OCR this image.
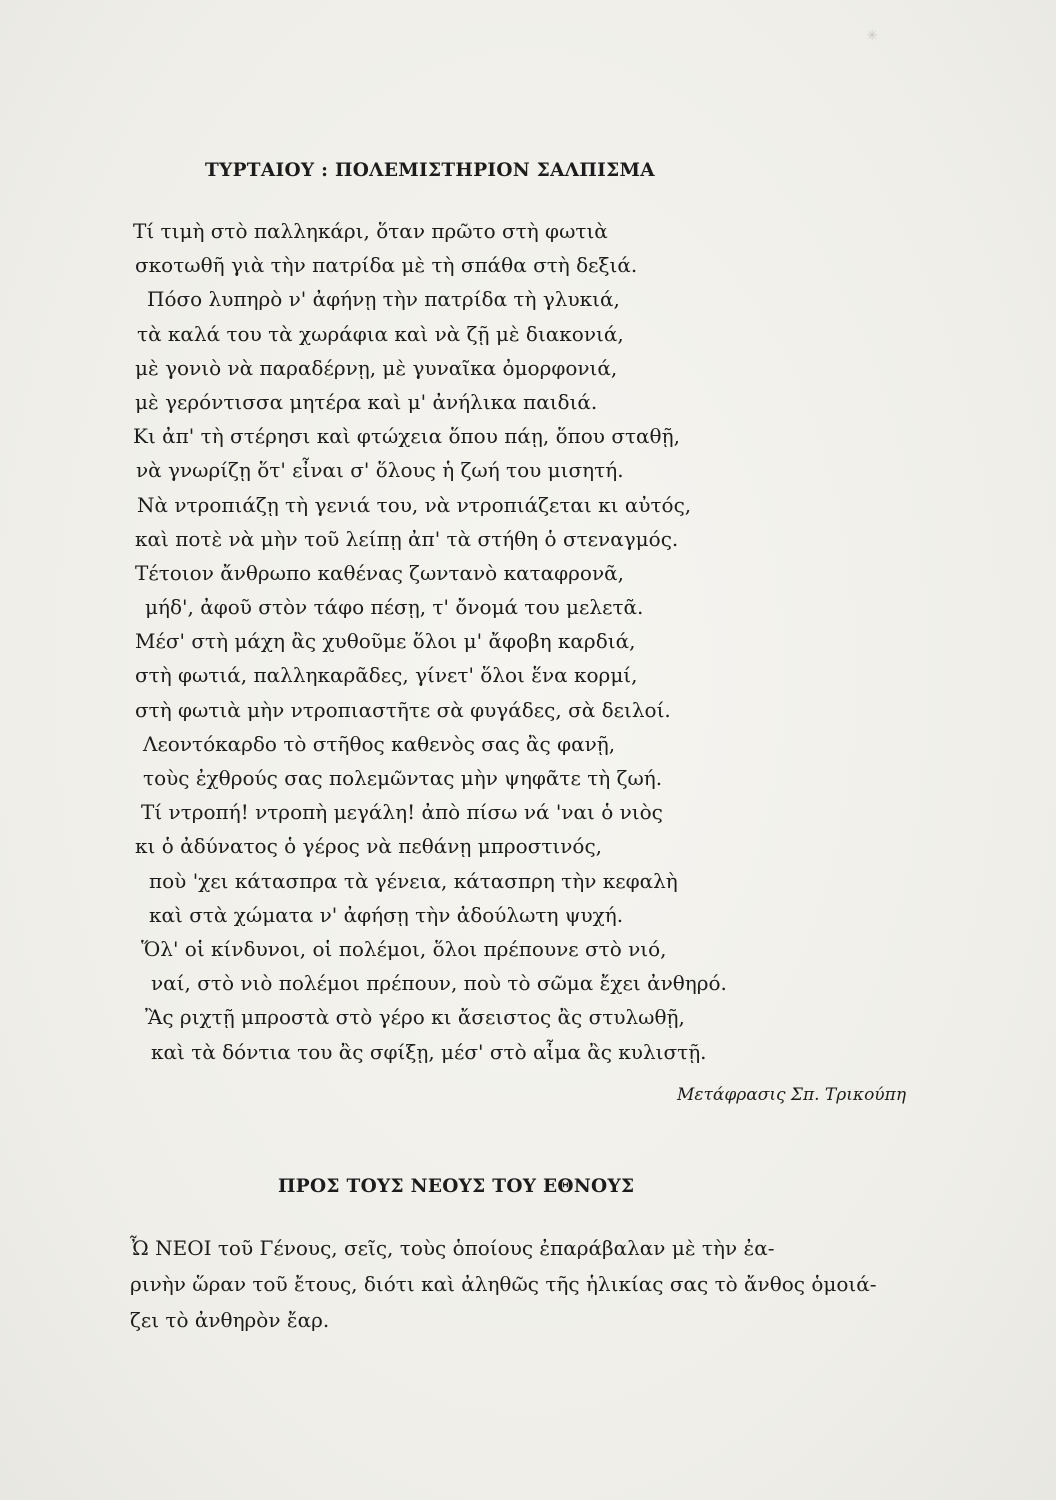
✳
ΤΥΡΤΑΙΟΥ : ΠΟΛΕΜΙΣΤΗΡΙΟΝ ΣΑΛΠΙΣΜΑ
Τί τιμὴ στὸ παλληκάρι, ὅταν πρῶτο στὴ φωτιὰ
σκοτωθῆ γιὰ τὴν πατρίδα μὲ τὴ σπάθα στὴ δεξιά.
Πόσο λυπηρὸ ν' ἀφήνῃ τὴν πατρίδα τὴ γλυκιά,
τὰ καλά του τὰ χωράφια καὶ νὰ ζῇ μὲ διακονιά,
μὲ γονιὸ νὰ παραδέρνῃ, μὲ γυναῖκα ὀμορφονιά,
μὲ γερόντισσα μητέρα καὶ μ' ἀνήλικα παιδιά.
Κι ἀπ' τὴ στέρησι καὶ φτώχεια ὅπου πάῃ, ὅπου σταθῇ,
νὰ γνωρίζῃ ὅτ' εἶναι σ' ὅλους ἡ ζωή του μισητή.
Νὰ ντροπιάζῃ τὴ γενιά του, νὰ ντροπιάζεται κι αὐτός,
καὶ ποτὲ νὰ μὴν τοῦ λείπῃ ἀπ' τὰ στήθη ὁ στεναγμός.
Τέτοιον ἄνθρωπο καθένας ζωντανὸ καταφρονᾶ,
μήδ', ἀφοῦ στὸν τάφο πέσῃ, τ' ὄνομά του μελετᾶ.
Μέσ' στὴ μάχη ἂς χυθοῦμε ὅλοι μ' ἄφοβη καρδιά,
στὴ φωτιά, παλληκαρᾶδες, γίνετ' ὅλοι ἕνα κορμί,
στὴ φωτιὰ μὴν ντροπιαστῆτε σὰ φυγάδες, σὰ δειλοί.
Λεοντόκαρδο τὸ στῆθος καθενὸς σας ἂς φανῇ,
τοὺς ἐχθρούς σας πολεμῶντας μὴν ψηφᾶτε τὴ ζωή.
Τί ντροπή! ντροπὴ μεγάλη! ἀπὸ πίσω νά 'ναι ὁ νιὸς
κι ὁ ἀδύνατος ὁ γέρος νὰ πεθάνῃ μπροστινός,
ποὺ 'χει κάτασπρα τὰ γένεια, κάτασπρη τὴν κεφαλὴ
καὶ στὰ χώματα ν' ἀφήσῃ τὴν ἀδούλωτη ψυχή.
Ὅλ' οἱ κίνδυνοι, οἱ πολέμοι, ὅλοι πρέπουνε στὸ νιό,
ναί, στὸ νιὸ πολέμοι πρέπουν, ποὺ τὸ σῶμα ἔχει ἀνθηρό.
Ἂς ριχτῇ μπροστὰ στὸ γέρο κι ἄσειστος ἂς στυλωθῇ,
καὶ τὰ δόντια του ἂς σφίξῃ, μέσ' στὸ αἷμα ἂς κυλιστῇ.
Μετάφρασις Σπ. Τρικούπη
ΠΡΟΣ ΤΟΥΣ ΝΕΟΥΣ ΤΟΥ ΕΘΝΟΥΣ
Ὦ ΝΕΟΙ τοῦ Γένους, σεῖς, τοὺς ὁποίους ἐπαράβαλαν μὲ τὴν ἐα-
ρινὴν ὥραν τοῦ ἔτους, διότι καὶ ἀληθῶς τῆς ἡλικίας σας τὸ ἄνθος ὁμοιά-
ζει τὸ ἀνθηρὸν ἔαρ.
